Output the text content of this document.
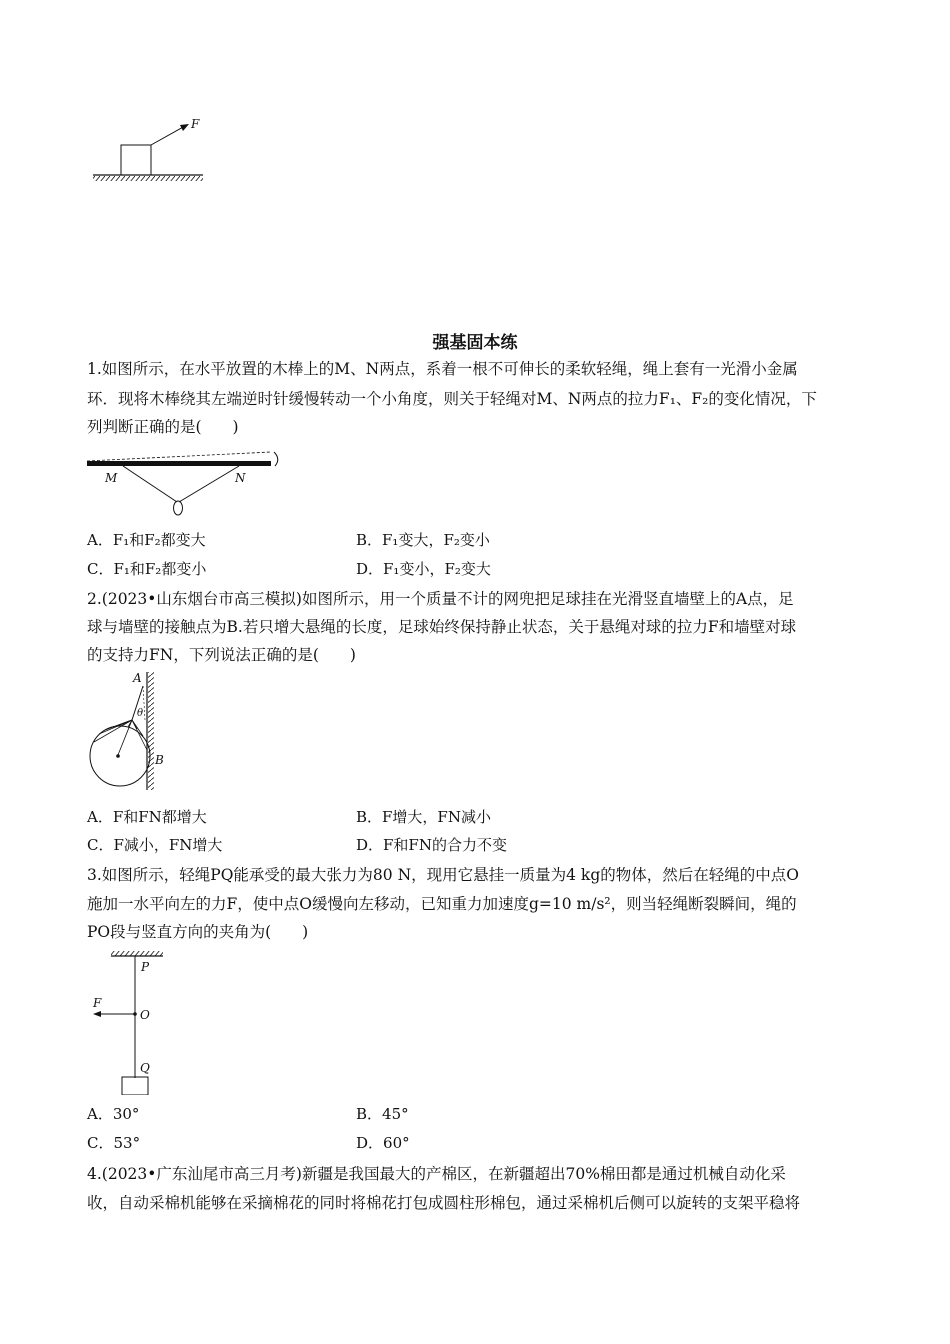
F
强基固本练
1.如图所示，在水平放置的木棒上的M、N两点，系着一根不可伸长的柔软轻绳，绳上套有一光滑小金属
环．现将木棒绕其左端逆时针缓慢转动一个小角度，则关于轻绳对M、N两点的拉力F₁、F₂的变化情况，下
列判断正确的是(　　)
M	N
A．F₁和F₂都变大	B．F₁变大，F₂变小
C．F₁和F₂都变小	D．F₁变小，F₂变大
2.(2023•山东烟台市高三模拟)如图所示，用一个质量不计的网兜把足球挂在光滑竖直墙壁上的A点，足
球与墙壁的接触点为B.若只增大悬绳的长度，足球始终保持静止状态，关于悬绳对球的拉力F和墙壁对球
的支持力FN，下列说法正确的是(　　)
A
θ
B
A．F和FN都增大	B．F增大，FN减小
C．F减小，FN增大	D．F和FN的合力不变
3.如图所示，轻绳PQ能承受的最大张力为80 N，现用它悬挂一质量为4 kg的物体，然后在轻绳的中点O
施加一水平向左的力F，使中点O缓慢向左移动，已知重力加速度g=10 m/s²，则当轻绳断裂瞬间，绳的
PO段与竖直方向的夹角为(　　)
P
F
O
Q
A．30°	B．45°
C．53°	D．60°
4.(2023•广东汕尾市高三月考)新疆是我国最大的产棉区，在新疆超出70%棉田都是通过机械自动化采
收，自动采棉机能够在采摘棉花的同时将棉花打包成圆柱形棉包，通过采棉机后侧可以旋转的支架平稳将
